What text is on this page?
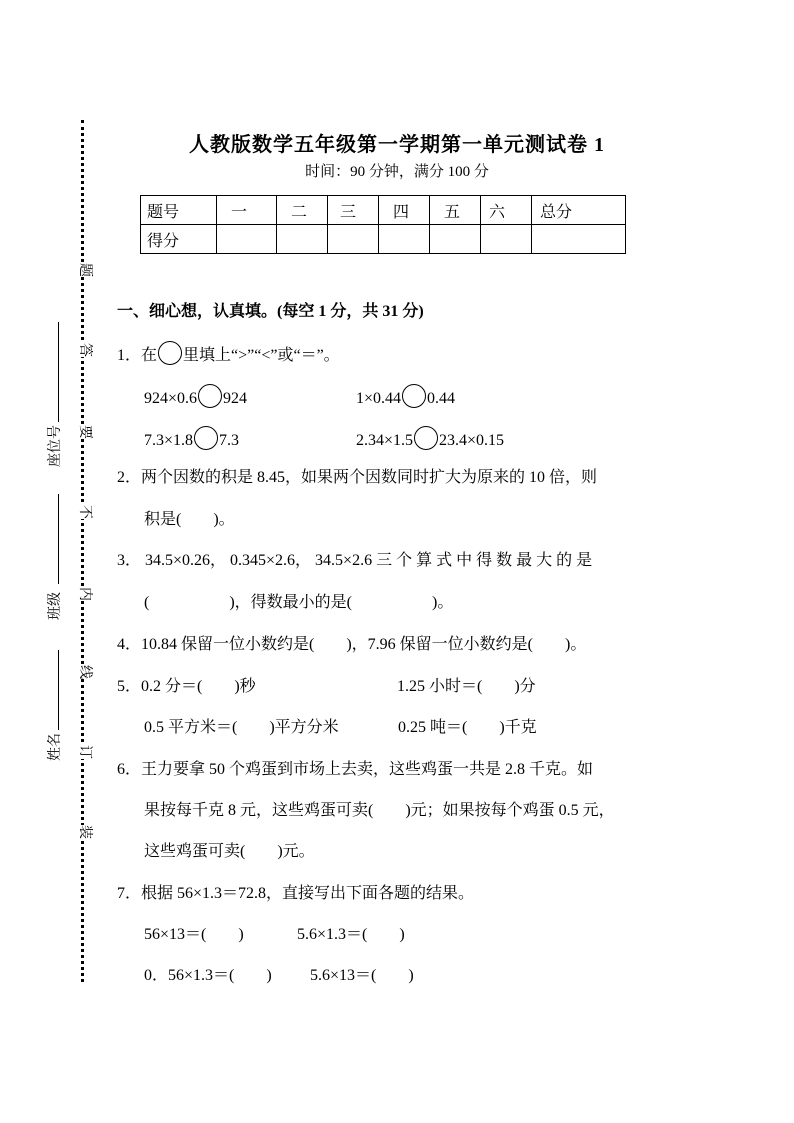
题
答
要
不
内
线
订
装
座位号
班级
姓名
人教版数学五年级第一学期第一单元测试卷 1
时间：90 分钟，满分 100 分
题号	一	二	三	四	五	六	总分
得分							
一、细心想，认真填。(每空 1 分，共 31 分)
1．在 里填上“>”“<”或“＝”。
924×0.6 924	1×0.44 0.44
7.3×1.8 7.3	2.34×1.5 23.4×0.15
2．两个因数的积是 8.45，如果两个因数同时扩大为原来的 10 倍，则
积是(　　)。
3． 34.5×0.26， 0.345×2.6， 34.5×2.6 三 个 算 式 中 得 数 最 大 的 是
(　　　　　)，得数最小的是(　　　　　)。
4．10.84 保留一位小数约是(　　)，7.96 保留一位小数约是(　　)。
5．0.2 分＝(　　)秒	1.25 小时＝(　　)分
0.5 平方米＝(　　)平方分米	0.25 吨＝(　　)千克
6．王力要拿 50 个鸡蛋到市场上去卖，这些鸡蛋一共是 2.8 千克。如
果按每千克 8 元，这些鸡蛋可卖(　　)元；如果按每个鸡蛋 0.5 元，
这些鸡蛋可卖(　　)元。
7．根据 56×1.3＝72.8，直接写出下面各题的结果。
56×13＝(　　)	5.6×1.3＝(　　)
0．56×1.3＝(　　) 5.6×13＝(　　)
